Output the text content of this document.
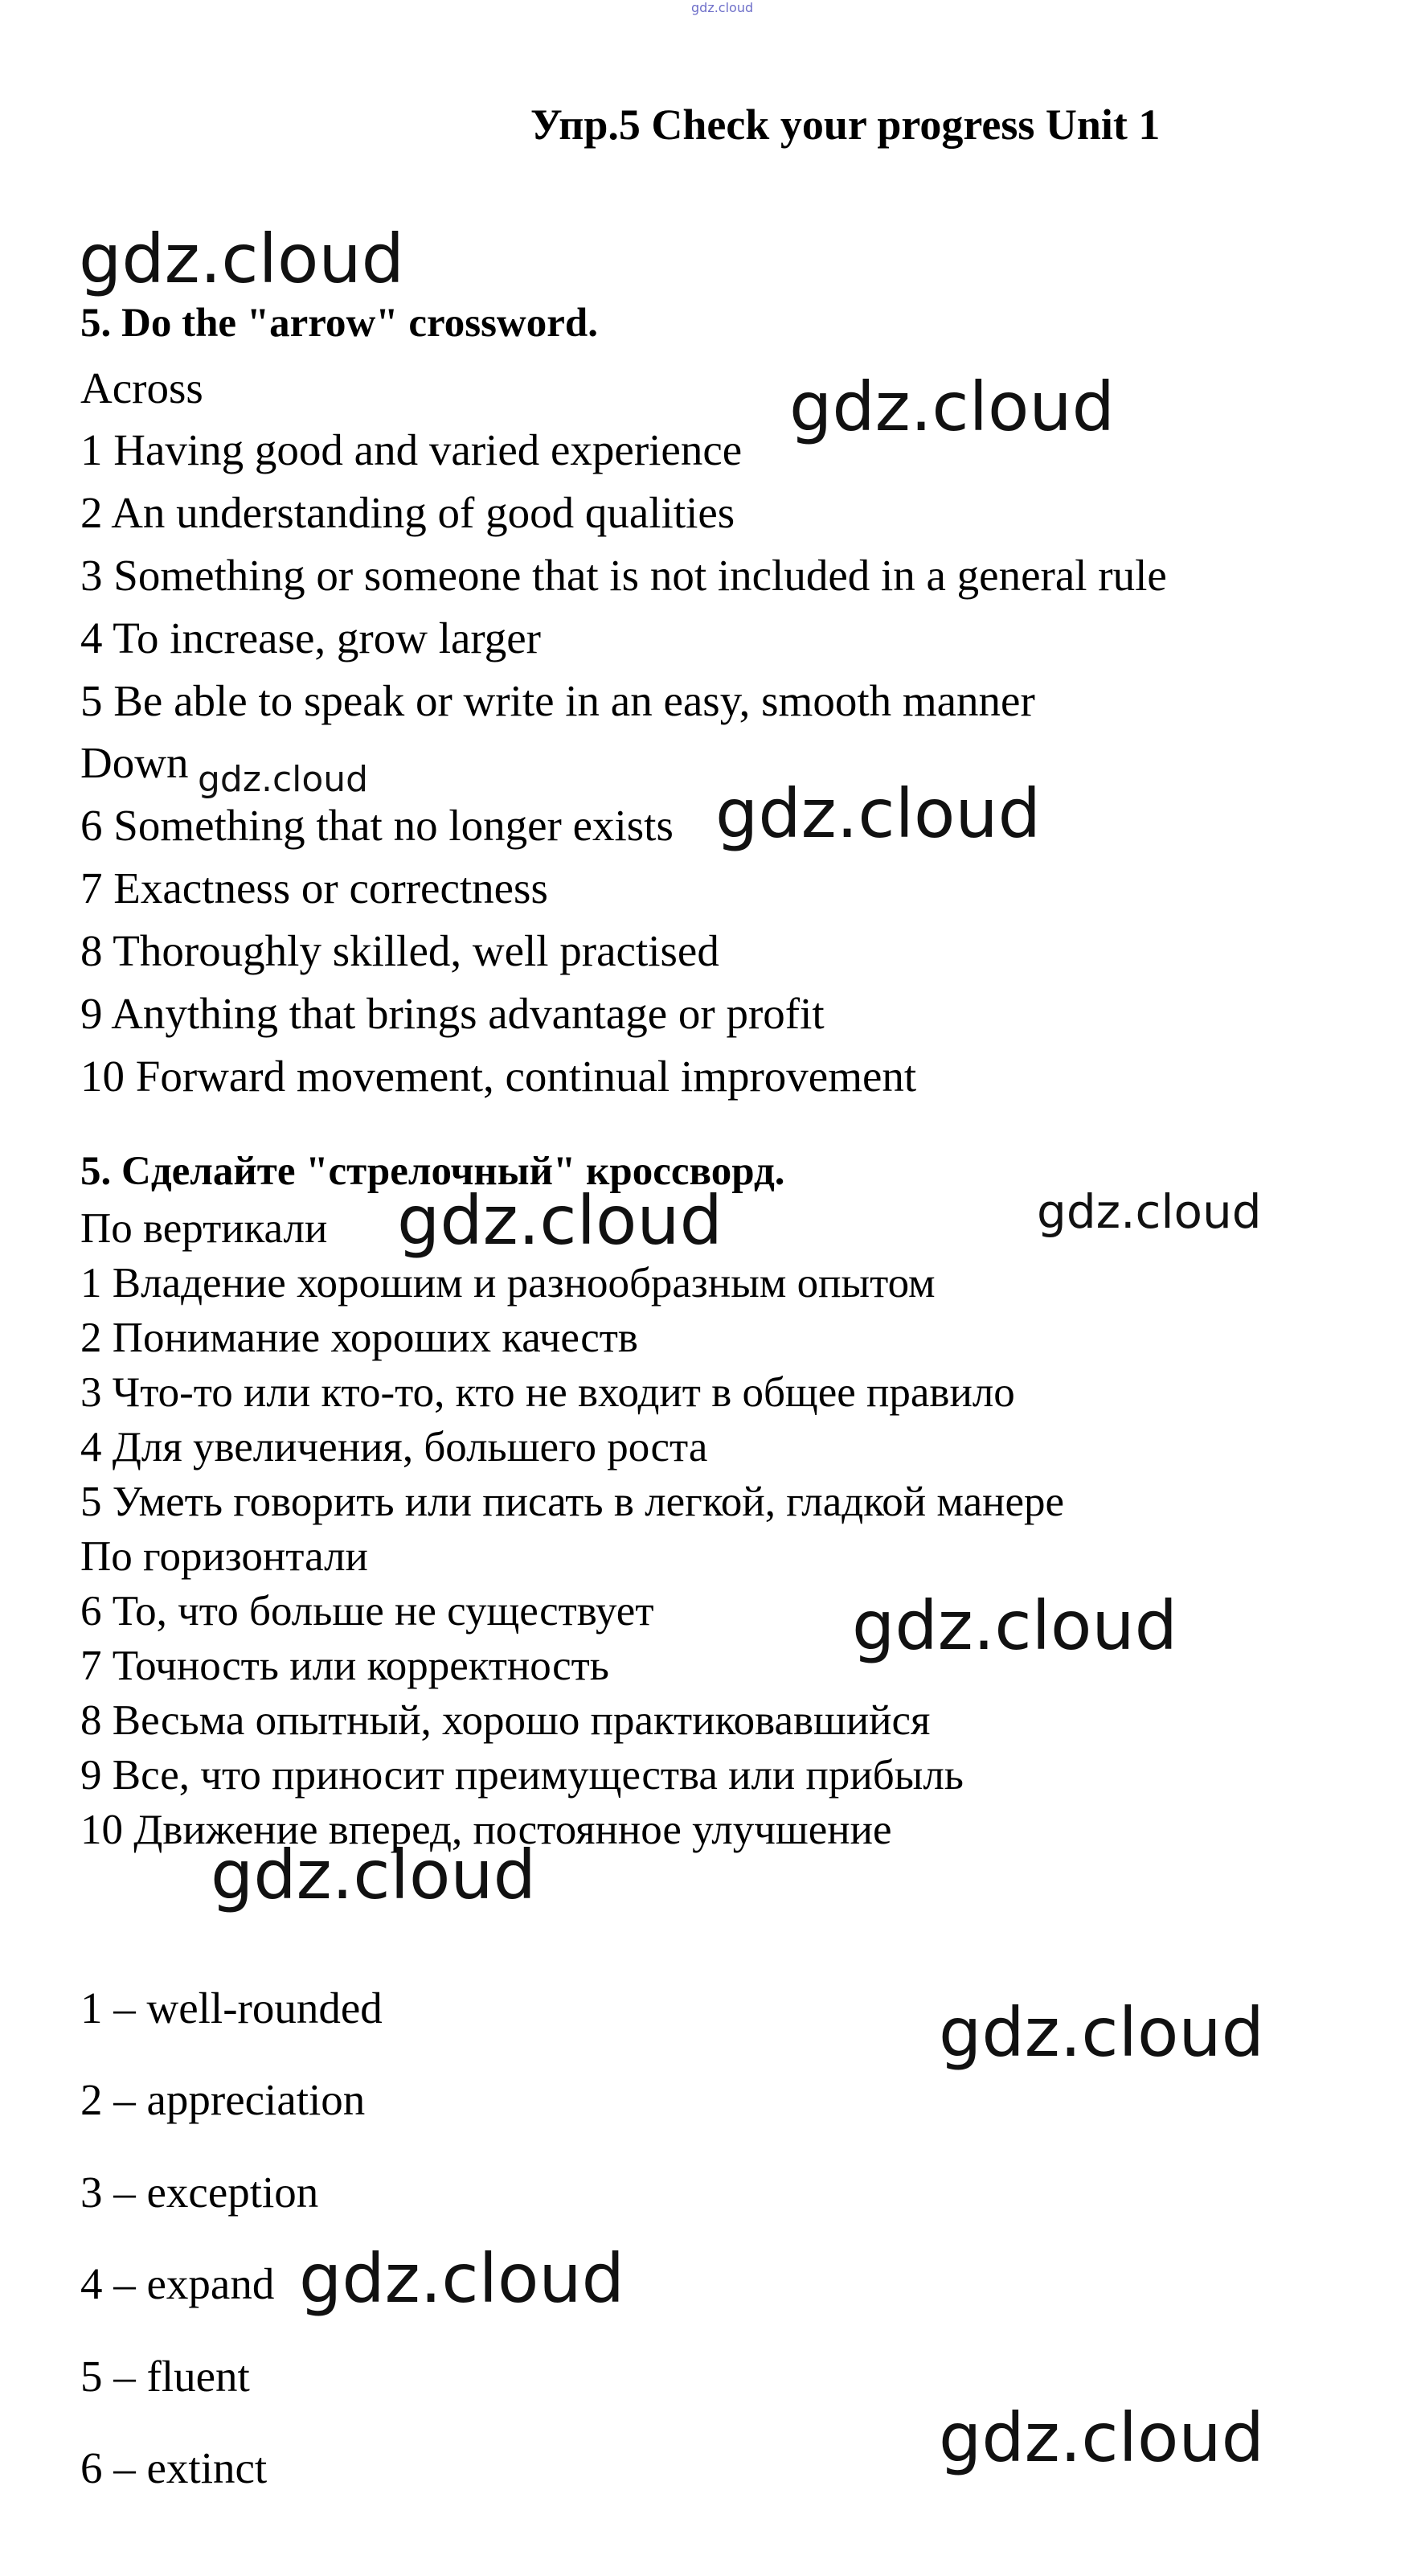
gdz.cloud
Упр.5 Check your progress Unit 1
5. Do the "arrow" crossword.
Across
1 Having good and varied experience
2 An understanding of good qualities
3 Something or someone that is not included in a general rule
4 To increase, grow larger
5 Be able to speak or write in an easy, smooth manner
Down
6 Something that no longer exists
7 Exactness or correctness
8 Thoroughly skilled, well practised
9 Anything that brings advantage or profit
10 Forward movement, continual improvement
5. Сделайте "стрелочный" кроссворд.
По вертикали
1 Владение хорошим и разнообразным опытом
2 Понимание хороших качеств
3 Что-то или кто-то, кто не входит в общее правило
4 Для увеличения, большего роста
5 Уметь говорить или писать в легкой, гладкой манере
По горизонтали
6 То, что больше не существует
7 Точность или корректность
8 Весьма опытный, хорошо практиковавшийся
9 Все, что приносит преимущества или прибыль
10 Движение вперед, постоянное улучшение
1 – well-rounded
2 – appreciation
3 – exception
4 – expand
5 – fluent
6 – extinct
gdz.cloud
gdz.cloud
gdz.cloud	gdz.cloud
gdz.cloud	gdz.cloud
gdz.cloud
gdz.cloud
gdz.cloud
gdz.cloud
gdz.cloud
